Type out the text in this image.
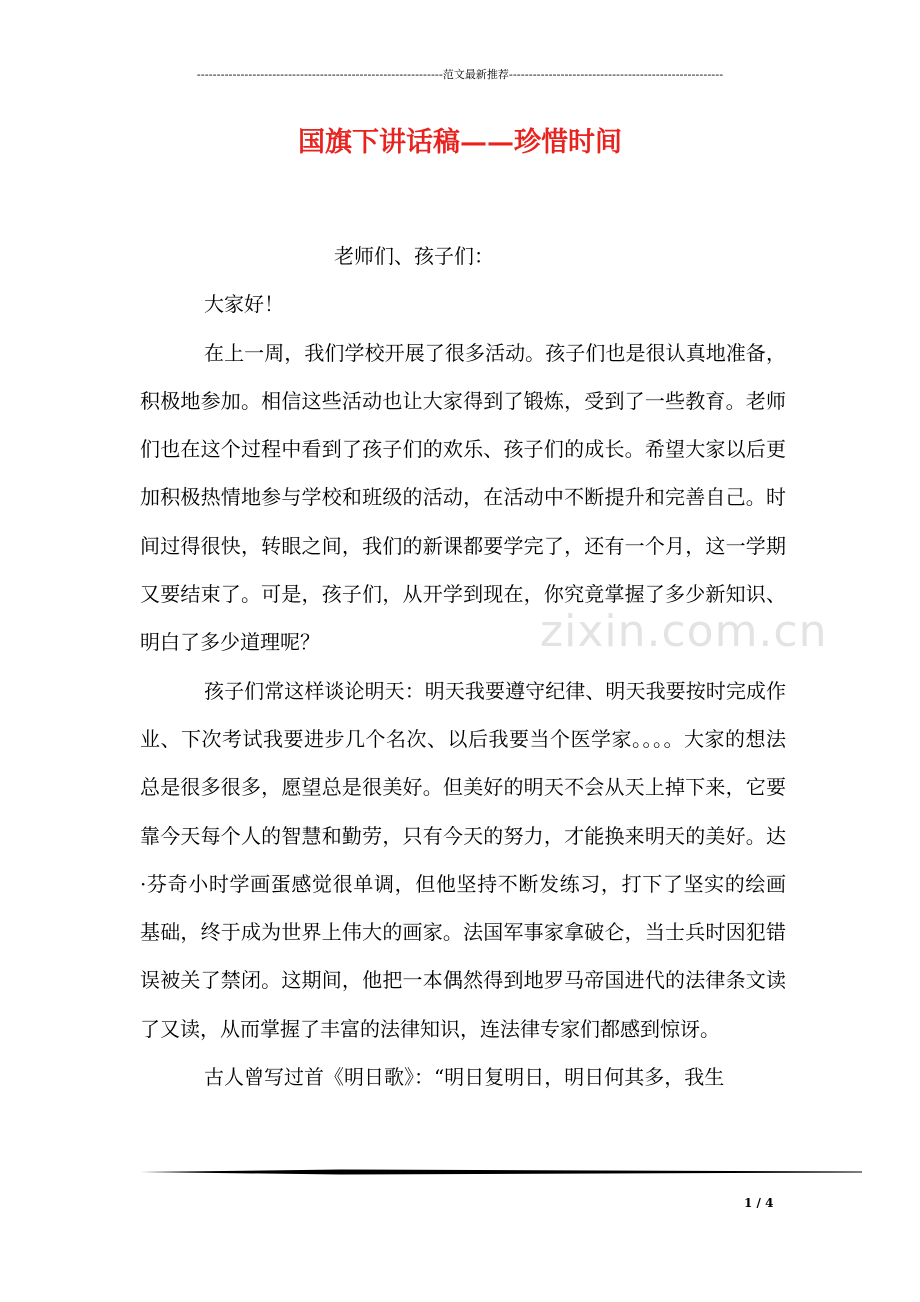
--------------------------------------------------------------范文最新推荐------------------------------------------------------
国旗下讲话稿——珍惜时间

老师们、孩子们：

大家好！

在上一周，我们学校开展了很多活动。孩子们也是很认真地准备，积极地参加。相信这些活动也让大家得到了锻炼，受到了一些教育。老师们也在这个过程中看到了孩子们的欢乐、孩子们的成长。希望大家以后更加积极热情地参与学校和班级的活动，在活动中不断提升和完善自己。时间过得很快，转眼之间，我们的新课都要学完了，还有一个月，这一学期又要结束了。可是，孩子们，从开学到现在，你究竟掌握了多少新知识、明白了多少道理呢？

孩子们常这样谈论明天：明天我要遵守纪律、明天我要按时完成作业、下次考试我要进步几个名次、以后我要当个医学家。。。。大家的想法总是很多很多，愿望总是很美好。但美好的明天不会从天上掉下来，它要靠今天每个人的智慧和勤劳，只有今天的努力，才能换来明天的美好。达·芬奇小时学画蛋感觉很单调，但他坚持不断发练习，打下了坚实的绘画基础，终于成为世界上伟大的画家。法国军事家拿破仑，当士兵时因犯错误被关了禁闭。这期间，他把一本偶然得到地罗马帝国进代的法律条文读了又读，从而掌握了丰富的法律知识，连法律专家们都感到惊讶。

古人曾写过首《明日歌》：“明日复明日，明日何其多，我生

zixin.com.cn
1 / 4
